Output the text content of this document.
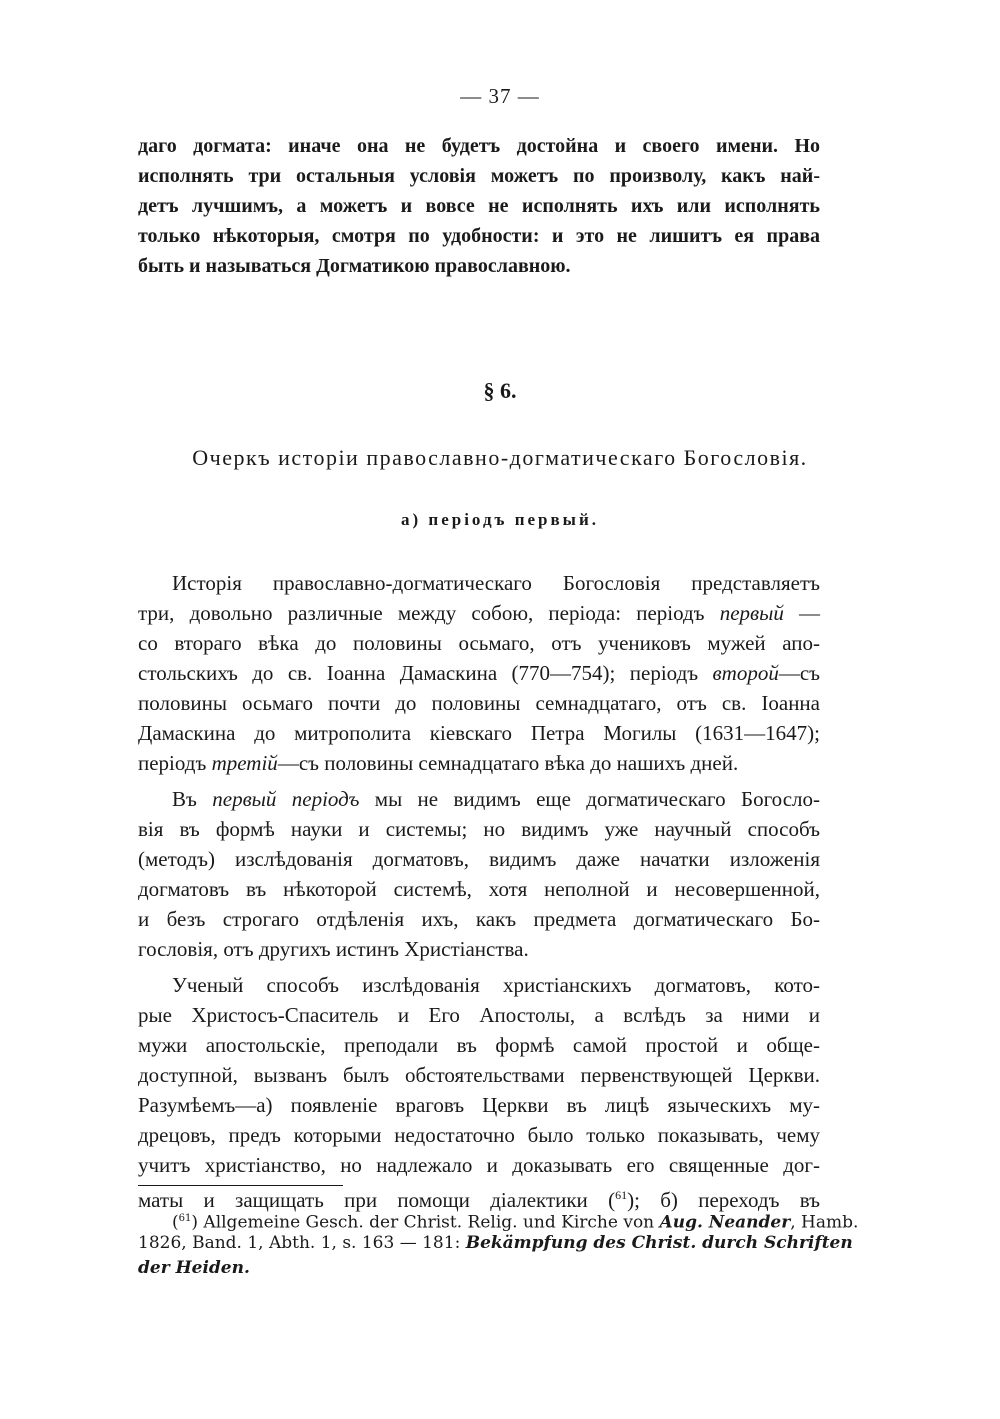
— 37 —
даго догмата: иначе она не будетъ достойна и своего имени. Но
исполнять три остальныя условія можетъ по произволу, какъ най-
детъ лучшимъ, а можетъ и вовсе не исполнять ихъ или исполнять
только нѣкоторыя, смотря по удобности: и это не лишитъ ея права
быть и называться Догматикою православною.
§ 6.
Очеркъ исторіи православно-догматическаго Богословія.
а) періодъ первый.
Исторія православно-догматическаго Богословія представляетъ
три, довольно различные между собою, періода: періодъ первый —
со втораго вѣка до половины осьмаго, отъ учениковъ мужей апо-
стольскихъ до св. Іоанна Дамаскина (770—754); періодъ второй—съ
половины осьмаго почти до половины семнадцатаго, отъ св. Іоанна
Дамаскина до митрополита кіевскаго Петра Могилы (1631—1647);
періодъ третій—съ половины семнадцатаго вѣка до нашихъ дней.
Въ первый періодъ мы не видимъ еще догматическаго Богосло-
вія въ формѣ науки и системы; но видимъ уже научный способъ
(методъ) изслѣдованія догматовъ, видимъ даже начатки изложенія
догматовъ въ нѣкоторой системѣ, хотя неполной и несовершенной,
и безъ строгаго отдѣленія ихъ, какъ предмета догматическаго Бо-
гословія, отъ другихъ истинъ Христіанства.
Ученый способъ изслѣдованія христіанскихъ догматовъ, кото-
рые Христосъ-Спаситель и Его Апостолы, а вслѣдъ за ними и
мужи апостольскіе, преподали въ формѣ самой простой и обще-
доступной, вызванъ былъ обстоятельствами первенствующей Церкви.
Разумѣемъ—а) появленіе враговъ Церкви въ лицѣ языческихъ му-
дрецовъ, предъ которыми недостаточно было только показывать, чему
учитъ христіанство, но надлежало и доказывать его священные дог-
маты и защищать при помощи діалектики ($^{61}$); б) переходъ въ
($^{61}$) Allgemeine Gesch. der Christ. Relig. und Kirche von Aug. Neander, Hamb.
1826, Band. 1, Abth. 1, s. 163 — 181: Bekämpfung des Christ. durch Schriften
der Heiden.
